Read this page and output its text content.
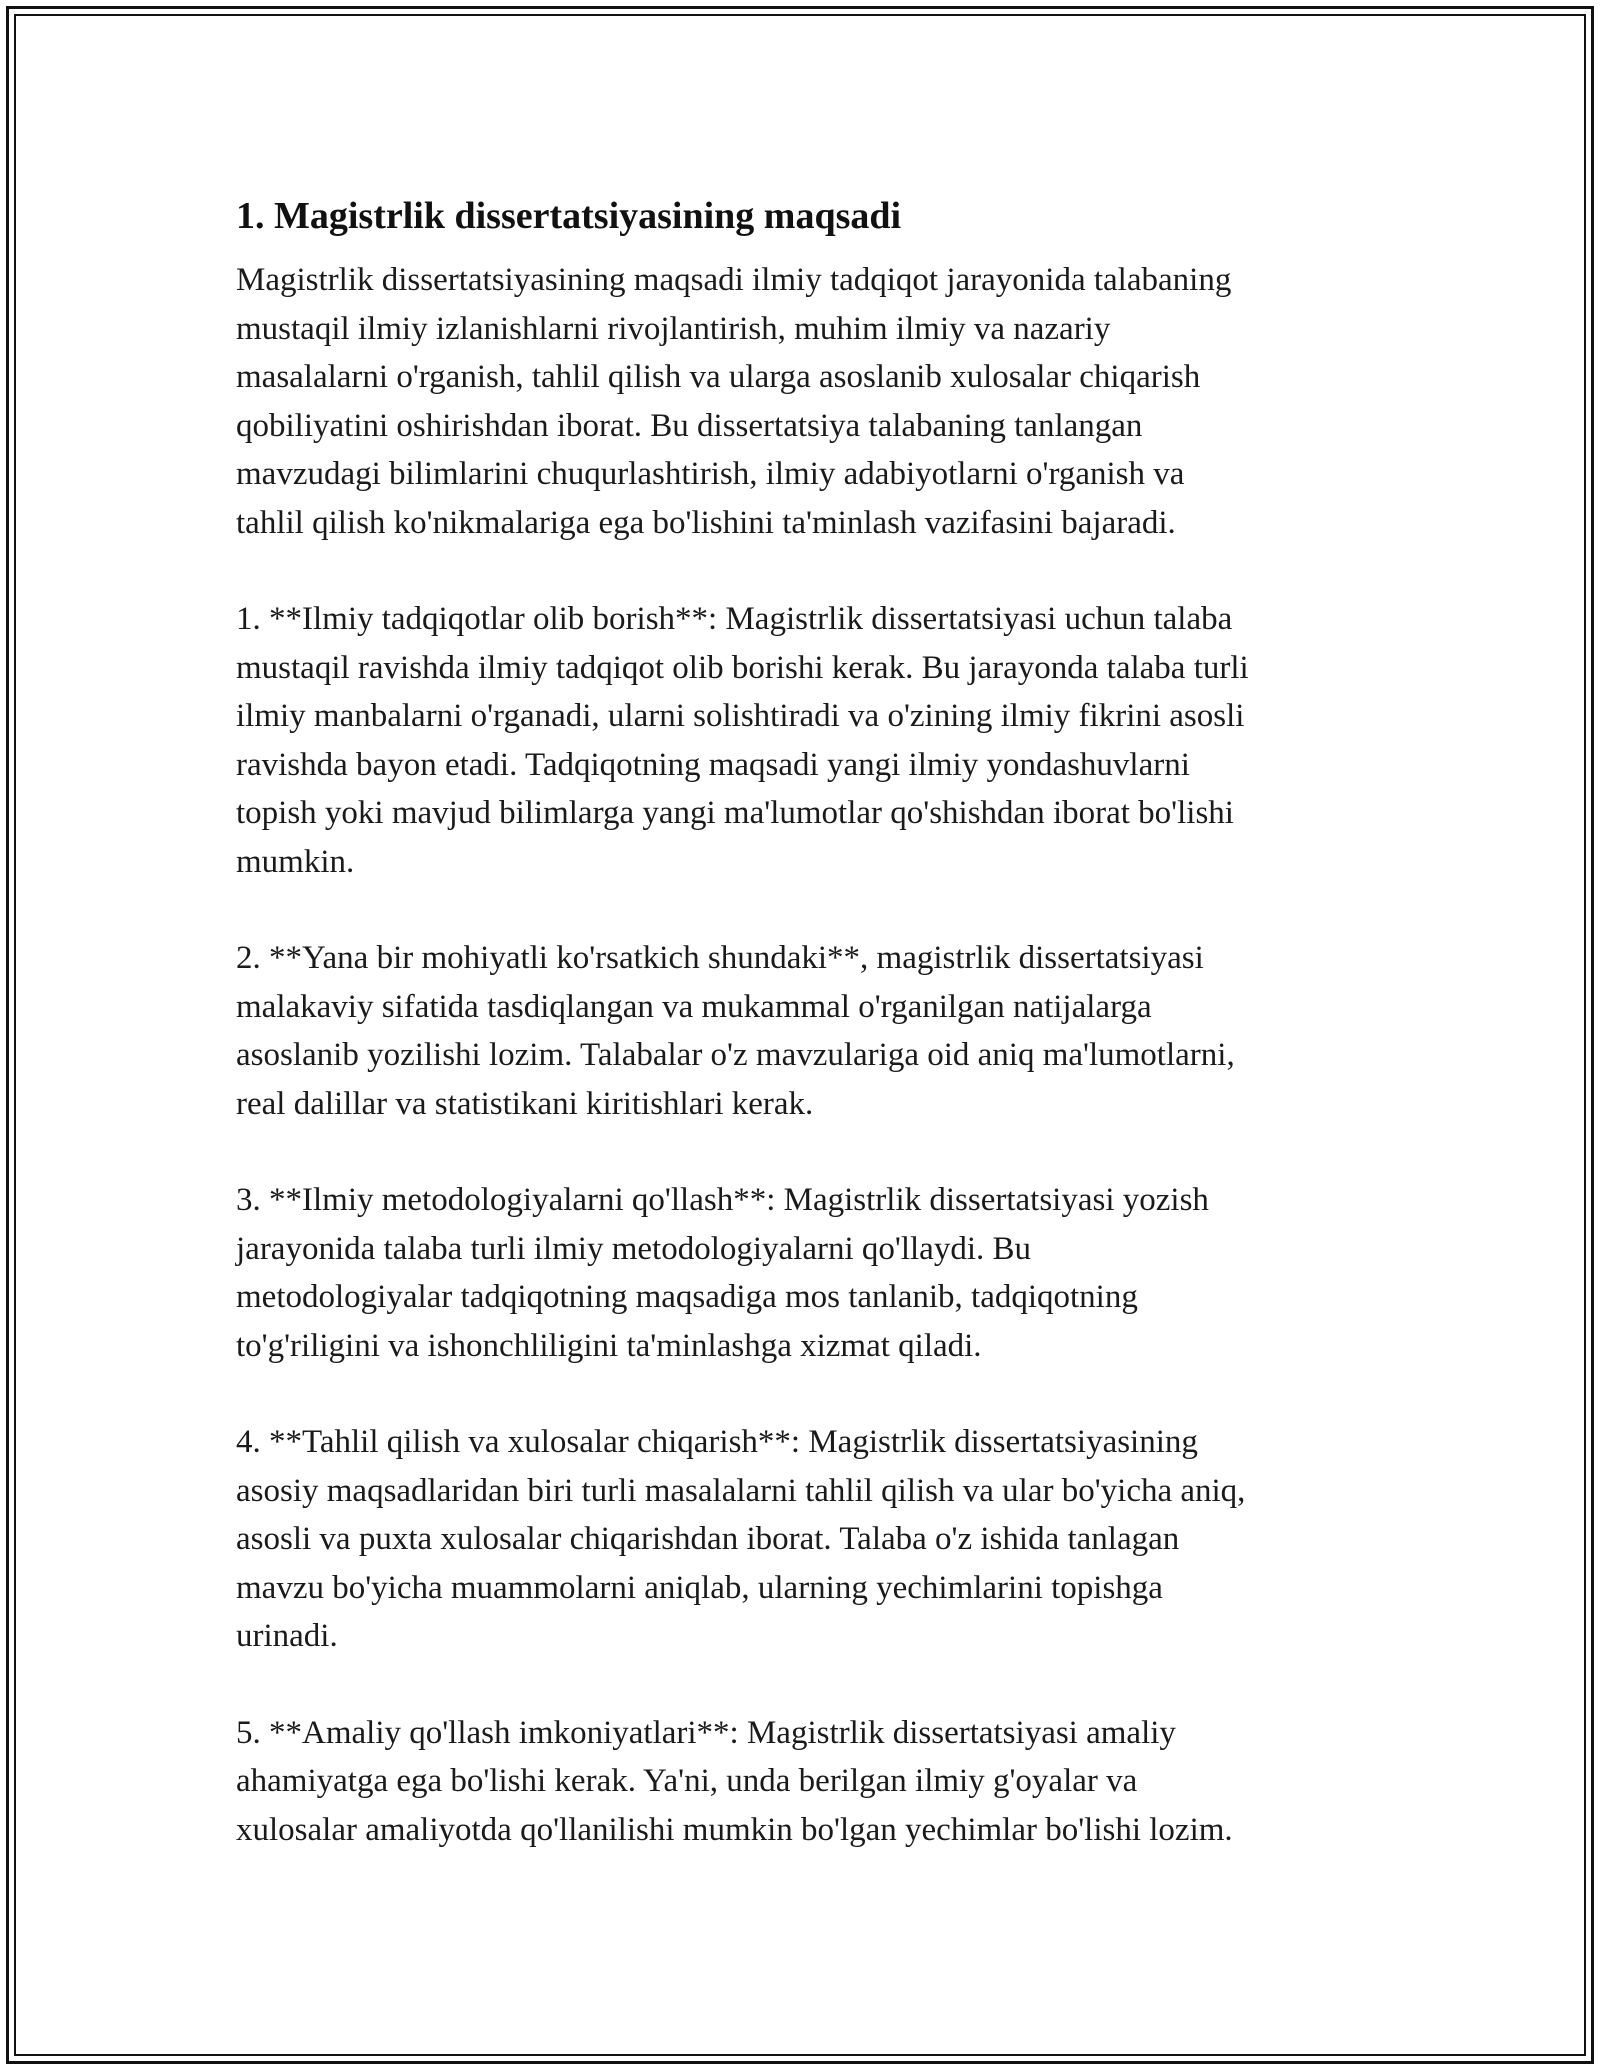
1. Magistrlik dissertatsiyasining maqsadi

Magistrlik dissertatsiyasining maqsadi ilmiy tadqiqot jarayonida talabaning
mustaqil ilmiy izlanishlarni rivojlantirish, muhim ilmiy va nazariy
masalalarni o'rganish, tahlil qilish va ularga asoslanib xulosalar chiqarish
qobiliyatini oshirishdan iborat. Bu dissertatsiya talabaning tanlangan
mavzudagi bilimlarini chuqurlashtirish, ilmiy adabiyotlarni o'rganish va
tahlil qilish ko'nikmalariga ega bo'lishini ta'minlash vazifasini bajaradi.

1. **Ilmiy tadqiqotlar olib borish**: Magistrlik dissertatsiyasi uchun talaba
mustaqil ravishda ilmiy tadqiqot olib borishi kerak. Bu jarayonda talaba turli
ilmiy manbalarni o'rganadi, ularni solishtiradi va o'zining ilmiy fikrini asosli
ravishda bayon etadi. Tadqiqotning maqsadi yangi ilmiy yondashuvlarni
topish yoki mavjud bilimlarga yangi ma'lumotlar qo'shishdan iborat bo'lishi
mumkin.

2. **Yana bir mohiyatli ko'rsatkich shundaki**, magistrlik dissertatsiyasi
malakaviy sifatida tasdiqlangan va mukammal o'rganilgan natijalarga
asoslanib yozilishi lozim. Talabalar o'z mavzulariga oid aniq ma'lumotlarni,
real dalillar va statistikani kiritishlari kerak.

3. **Ilmiy metodologiyalarni qo'llash**: Magistrlik dissertatsiyasi yozish
jarayonida talaba turli ilmiy metodologiyalarni qo'llaydi. Bu
metodologiyalar tadqiqotning maqsadiga mos tanlanib, tadqiqotning
to'g'riligini va ishonchliligini ta'minlashga xizmat qiladi.

4. **Tahlil qilish va xulosalar chiqarish**: Magistrlik dissertatsiyasining
asosiy maqsadlaridan biri turli masalalarni tahlil qilish va ular bo'yicha aniq,
asosli va puxta xulosalar chiqarishdan iborat. Talaba o'z ishida tanlagan
mavzu bo'yicha muammolarni aniqlab, ularning yechimlarini topishga
urinadi.

5. **Amaliy qo'llash imkoniyatlari**: Magistrlik dissertatsiyasi amaliy
ahamiyatga ega bo'lishi kerak. Ya'ni, unda berilgan ilmiy g'oyalar va
xulosalar amaliyotda qo'llanilishi mumkin bo'lgan yechimlar bo'lishi lozim.
